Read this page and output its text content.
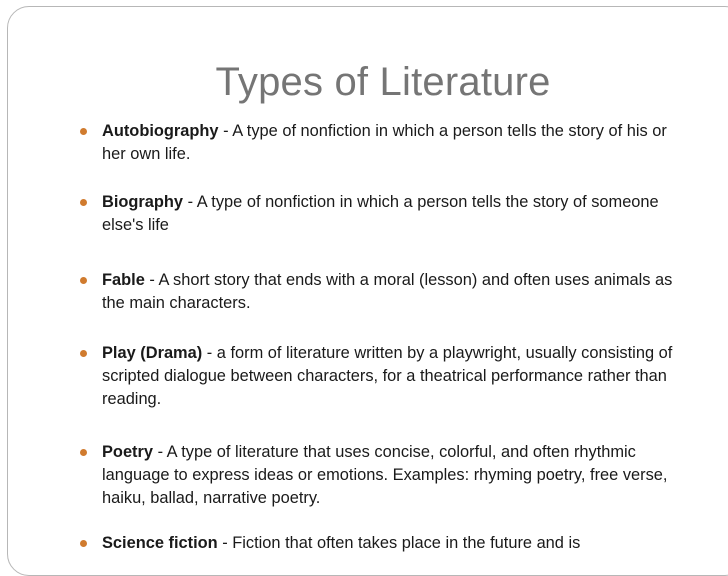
Types of Literature
Autobiography - A type of nonfiction in which a person tells the story of his or her own life.
Biography - A type of nonfiction in which a person tells the story of someone else's life
Fable - A short story that ends with a moral (lesson) and often uses animals as the main characters.
Play (Drama) - a form of literature written by a playwright, usually consisting of scripted dialogue between characters, for a theatrical performance rather than reading.
Poetry - A type of literature that uses concise, colorful, and often rhythmic language to express ideas or emotions. Examples: rhyming poetry, free verse, haiku, ballad, narrative poetry.
Science fiction - Fiction that often takes place in the future and is
